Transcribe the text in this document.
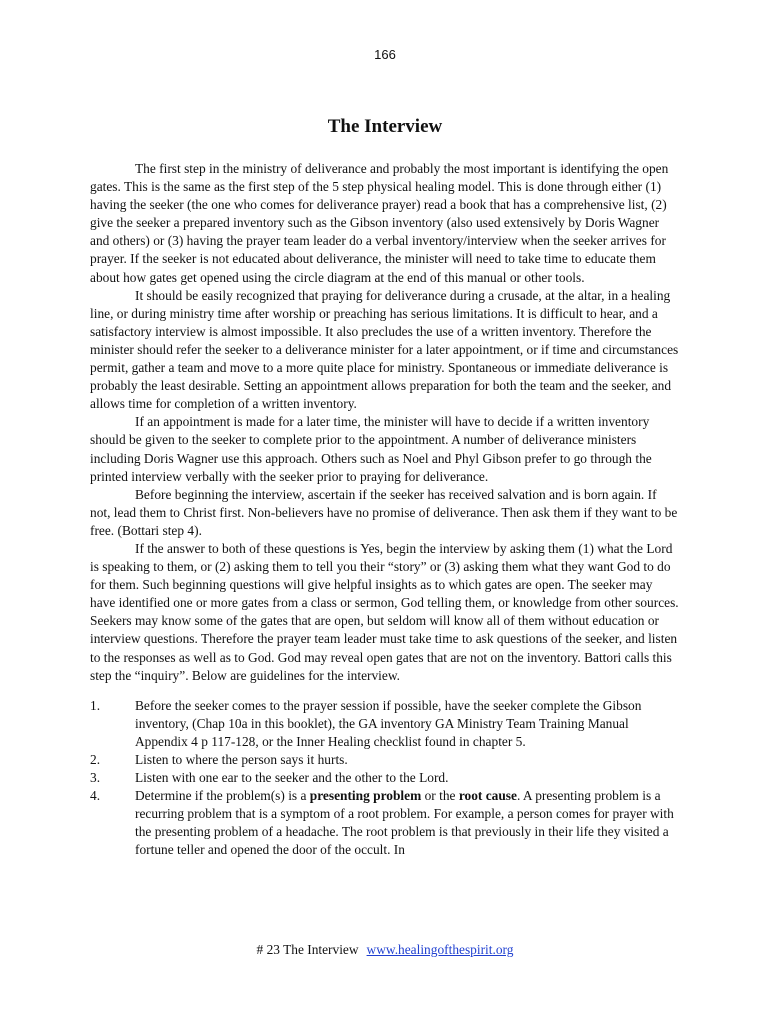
166
The Interview

The first step in the ministry of deliverance and probably the most important is identifying the open gates. This is the same as the first step of the 5 step physical healing model. This is done through either (1) having the seeker (the one who comes for deliverance prayer) read a book that has a comprehensive list, (2) give the seeker a prepared inventory such as the Gibson inventory (also used extensively by Doris Wagner and others) or (3) having the prayer team leader do a verbal inventory/interview when the seeker arrives for prayer. If the seeker is not educated about deliverance, the minister will need to take time to educate them about how gates get opened using the circle diagram at the end of this manual or other tools.

It should be easily recognized that praying for deliverance during a crusade, at the altar, in a healing line, or during ministry time after worship or preaching has serious limitations. It is difficult to hear, and a satisfactory interview is almost impossible. It also precludes the use of a written inventory. Therefore the minister should refer the seeker to a deliverance minister for a later appointment, or if time and circumstances permit, gather a team and move to a more quite place for ministry. Spontaneous or immediate deliverance is probably the least desirable. Setting an appointment allows preparation for both the team and the seeker, and allows time for completion of a written inventory.

If an appointment is made for a later time, the minister will have to decide if a written inventory should be given to the seeker to complete prior to the appointment. A number of deliverance ministers including Doris Wagner use this approach. Others such as Noel and Phyl Gibson prefer to go through the printed interview verbally with the seeker prior to praying for deliverance.

Before beginning the interview, ascertain if the seeker has received salvation and is born again. If not, lead them to Christ first. Non-believers have no promise of deliverance. Then ask them if they want to be free. (Bottari step 4).

If the answer to both of these questions is Yes, begin the interview by asking them (1) what the Lord is speaking to them, or (2) asking them to tell you their “story” or (3) asking them what they want God to do for them. Such beginning questions will give helpful insights as to which gates are open. The seeker may have identified one or more gates from a class or sermon, God telling them, or knowledge from other sources. Seekers may know some of the gates that are open, but seldom will know all of them without education or interview questions. Therefore the prayer team leader must take time to ask questions of the seeker, and listen to the responses as well as to God. God may reveal open gates that are not on the inventory. Battori calls this step the “inquiry”. Below are guidelines for the interview.

1.	Before the seeker comes to the prayer session if possible, have the seeker complete the Gibson inventory, (Chap 10a in this booklet), the GA inventory GA Ministry Team Training Manual Appendix 4 p 117-128, or the Inner Healing checklist found in chapter 5.
2.	Listen to where the person says it hurts.
3.	Listen with one ear to the seeker and the other to the Lord.
4.	Determine if the problem(s) is a presenting problem or the root cause. A presenting problem is a recurring problem that is a symptom of a root problem. For example, a person comes for prayer with the presenting problem of a headache. The root problem is that previously in their life they visited a fortune teller and opened the door of the occult. In
# 23 The Interview www.healingofthespirit.org
